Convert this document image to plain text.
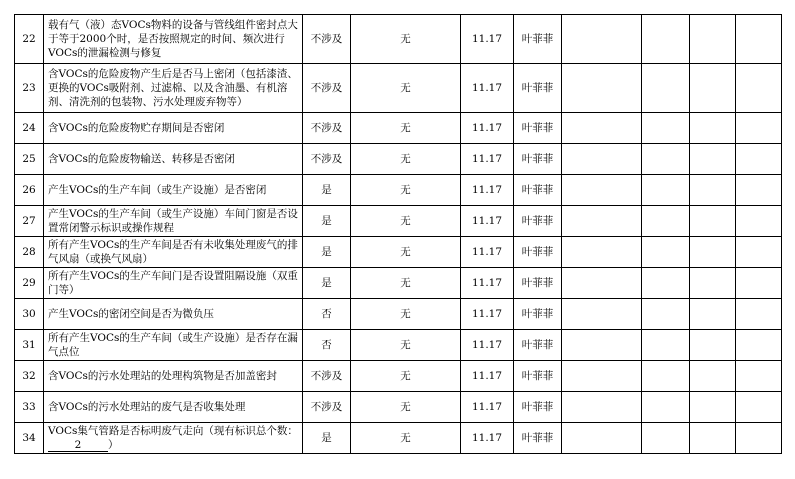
22	载有气（液）态VOCs物料的设备与管线组件密封点大于等于2000个时，是否按照规定的时间、频次进行VOCs的泄漏检测与修复	不涉及	无	11.17	叶菲菲				
23	含VOCs的危险废物产生后是否马上密闭（包括漆渣、更换的VOCs吸附剂、过滤棉、以及含油墨、有机溶剂、清洗剂的包装物、污水处理废弃物等）	不涉及	无	11.17	叶菲菲				
24	含VOCs的危险废物贮存期间是否密闭	不涉及	无	11.17	叶菲菲				
25	含VOCs的危险废物输送、转移是否密闭	不涉及	无	11.17	叶菲菲				
26	产生VOCs的生产车间（或生产设施）是否密闭	是	无	11.17	叶菲菲				
27	产生VOCs的生产车间（或生产设施）车间门窗是否设置常闭警示标识或操作规程	是	无	11.17	叶菲菲				
28	所有产生VOCs的生产车间是否有未收集处理废气的排气风扇（或换气风扇）	是	无	11.17	叶菲菲				
29	所有产生VOCs的生产车间门是否设置阻隔设施（双重门等）	是	无	11.17	叶菲菲				
30	产生VOCs的密闭空间是否为微负压	否	无	11.17	叶菲菲				
31	所有产生VOCs的生产车间（或生产设施）是否存在漏气点位	否	无	11.17	叶菲菲				
32	含VOCs的污水处理站的处理构筑物是否加盖密封	不涉及	无	11.17	叶菲菲				
33	含VOCs的污水处理站的废气是否收集处理	不涉及	无	11.17	叶菲菲				
34	VOCs集气管路是否标明废气走向（现有标识总个数：2 ）	是	无	11.17	叶菲菲				
